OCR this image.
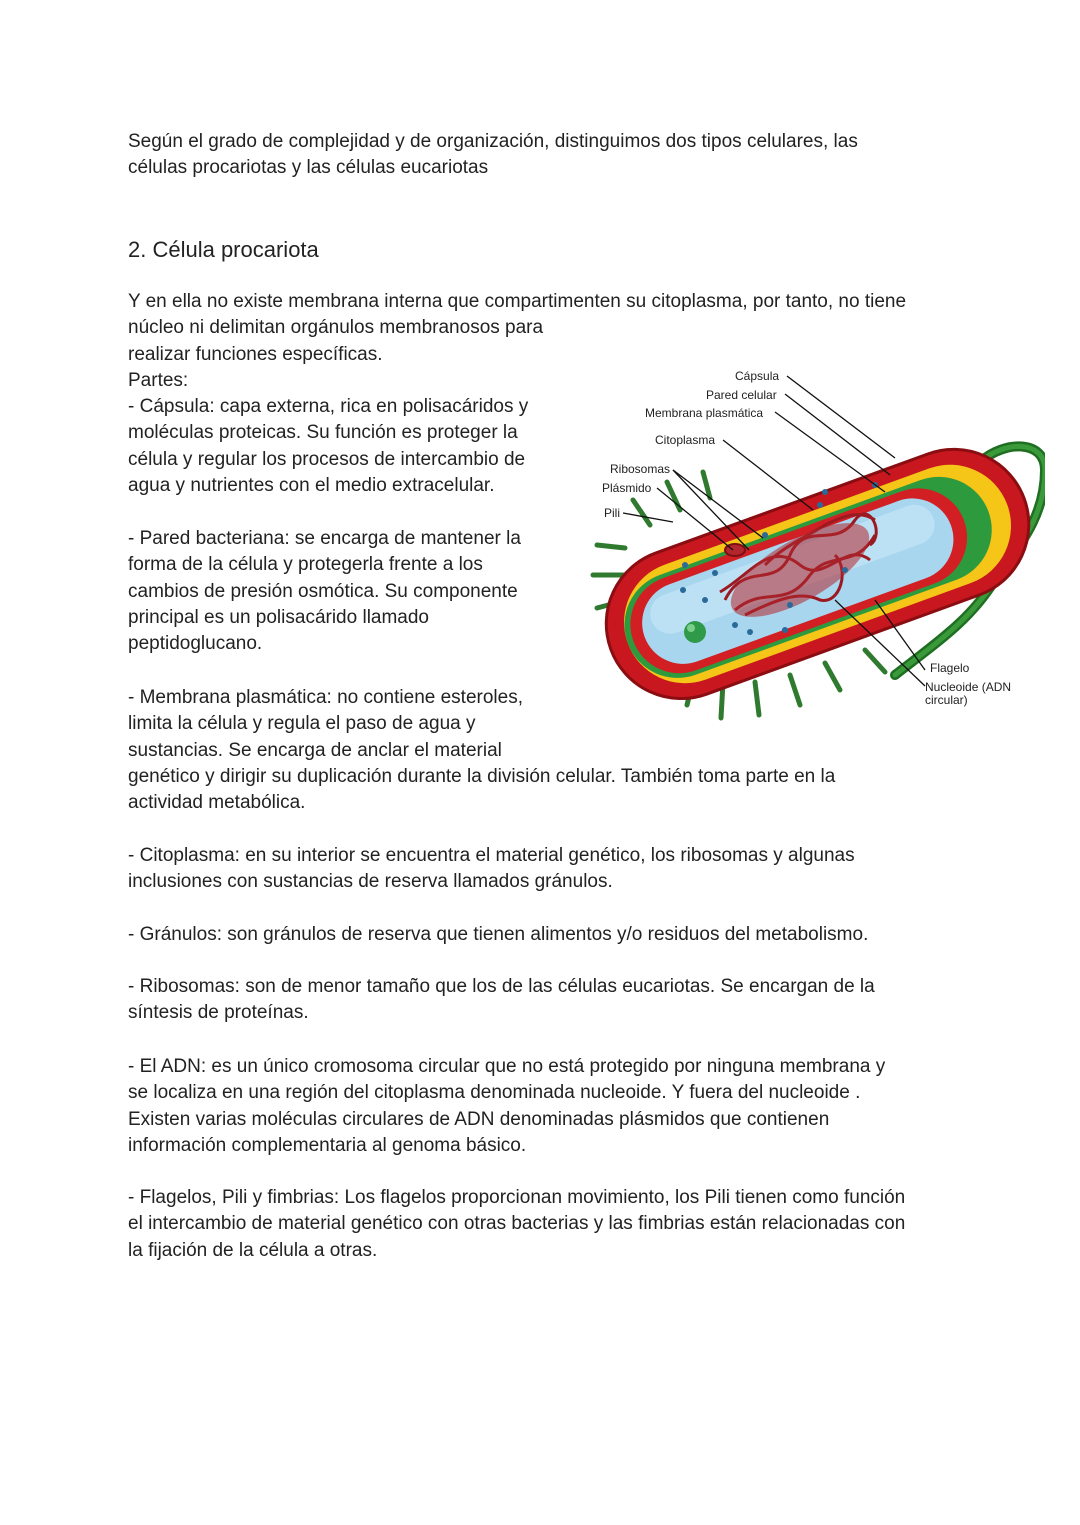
Según el grado de complejidad y de organización, distinguimos dos tipos celulares, las
células procariotas y las células eucariotas

2. Célula procariota

Y en ella no existe membrana interna que compartimenten su citoplasma, por tanto, no tiene
núcleo ni delimitan orgánulos membranosos para
realizar funciones específicas.
Partes:
- Cápsula: capa externa, rica en polisacáridos y
moléculas proteicas. Su función es proteger la
célula y regular los procesos de intercambio de
agua y nutrientes con el medio extracelular.

- Pared bacteriana: se encarga de mantener la
forma de la célula y protegerla frente a los
cambios de presión osmótica. Su componente
principal es un polisacárido llamado
peptidoglucano.

- Membrana plasmática: no contiene esteroles,
limita la célula y regula el paso de agua y
sustancias. Se encarga de anclar el material
genético y dirigir su duplicación durante la división celular. También toma parte en la
actividad metabólica.

- Citoplasma: en su interior se encuentra el material genético, los ribosomas y algunas
inclusiones con sustancias de reserva llamados gránulos.

- Gránulos: son gránulos de reserva que tienen alimentos y/o residuos del metabolismo.

- Ribosomas: son de menor tamaño que los de las células eucariotas. Se encargan de la
síntesis de proteínas.

- El ADN: es un único cromosoma circular que no está protegido por ninguna membrana y
se localiza en una región del citoplasma denominada nucleoide. Y fuera del nucleoide .
Existen varias moléculas circulares de ADN denominadas plásmidos que contienen
información complementaria al genoma básico.

- Flagelos, Pili y fimbrias: Los flagelos proporcionan movimiento, los Pili tienen como función
el intercambio de material genético con otras bacterias y las fimbrias están relacionadas con
la fijación de la célula a otras.

Cápsula
Pared celular
Membrana plasmática
Citoplasma
Ribosomas
Plásmido
Pili
Flagelo
Nucleoide (ADN
circular)
